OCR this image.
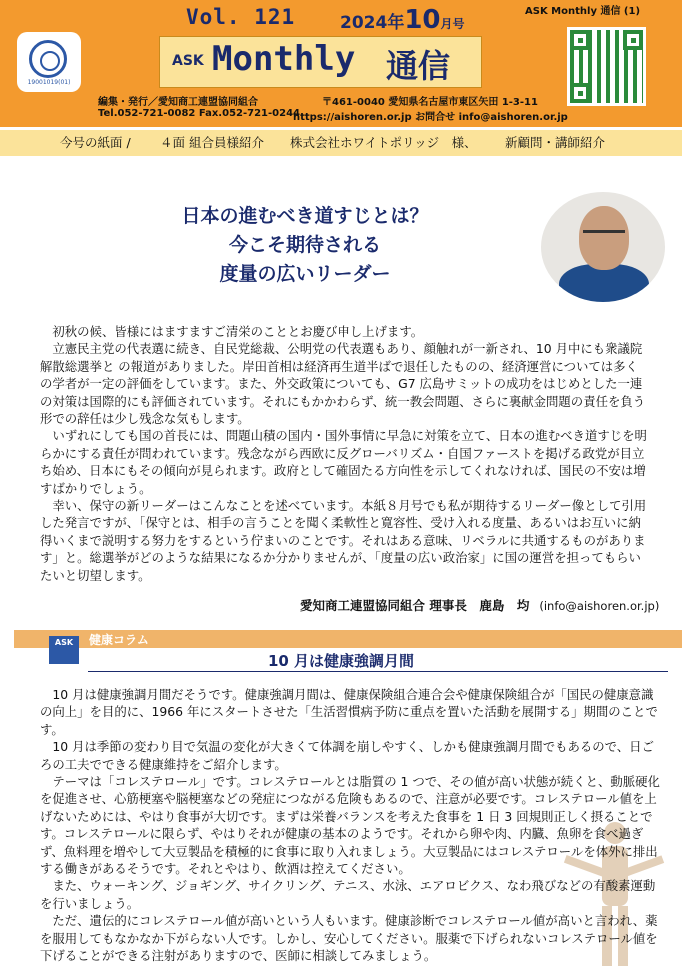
19001019(01)
Vol. 121	2024年10月号
ASK Monthly 通信
編集・発行／愛知商工連盟協同組合	〒461-0040 愛知県名古屋市東区矢田 1-3-11
Tel.052-721-0082 Fax.052-721-0244
https://aishoren.or.jp お問合せ info@aishoren.or.jp
ASK Monthly 通信 (1)
今号の紙面 / ４面 組合員様紹介 株式会社ホワイトポリッジ　様、 新顧問・講師紹介
日本の進むべき道すじとは？
今こそ期待される
度量の広いリーダー

初秋の候、皆様にはますますご清栄のこととお慶び申し上げます。

立憲民主党の代表選に続き、自民党総裁、公明党の代表選もあり、顔触れが一新され、10 月中にも衆議院解散総選挙と の報道がありました。岸田首相は経済再生道半ばで退任したものの、経済運営については多くの学者が一定の評価をしています。また、外交政策についても、G7 広島サミットの成功をはじめとした一連の対策は国際的にも評価されています。それにもかかわらず、統一教会問題、さらに裏献金問題の責任を負う形での辞任は少し残念な気もします。

いずれにしても国の首長には、問題山積の国内・国外事情に早急に対策を立て、日本の進むべき道すじを明らかにする責任が問われています。残念ながら西欧に反グローバリズム・自国ファーストを掲げる政党が目立ち始め、日本にもその傾向が見られます。政府として確固たる方向性を示してくれなければ、国民の不安は増すばかりでしょう。

幸い、保守の新リーダーはこんなことを述べています。本紙８月号でも私が期待するリーダー像として引用した発言ですが、「保守とは、相手の言うことを聞く柔軟性と寛容性、受け入れる度量、あるいはお互いに納得いくまで説明する努力をするという佇まいのことです。それはある意味、リベラルに共通するものがあります」と。総選挙がどのような結果になるか分かりませんが、「度量の広い政治家」に国の運営を担ってもらいたいと切望します。

愛知商工連盟協同組合 理事長　鹿島　均 (info@aishoren.or.jp)
ASK	健康コラム
10 月は健康強調月間

10 月は健康強調月間だそうです。健康強調月間は、健康保険組合連合会や健康保険組合が「国民の健康意識の向上」を目的に、1966 年にスタートさせた「生活習慣病予防に重点を置いた活動を展開する」期間のことです。

10 月は季節の変わり目で気温の変化が大きくて体調を崩しやすく、しかも健康強調月間でもあるので、日ごろの工夫でできる健康維持をご紹介します。

テーマは「コレステロール」です。コレステロールとは脂質の 1 つで、その値が高い状態が続くと、動脈硬化を促進させ、心筋梗塞や脳梗塞などの発症につながる危険もあるので、注意が必要です。コレステロール値を上げないためには、やはり食事が大切です。まずは栄養バランスを考えた食事を 1 日 3 回規則正しく摂ることです。コレステロールに限らず、やはりそれが健康の基本のようです。それから卵や肉、内臓、魚卵を食べ過ぎず、魚料理を増やして大豆製品を積極的に食事に取り入れましょう。大豆製品にはコレステロールを体外に排出する働きがあるそうです。それとやはり、飲酒は控えてください。

また、ウォーキング、ジョギング、サイクリング、テニス、水泳、エアロビクス、なわ飛びなどの有酸素運動を行いましょう。

ただ、遺伝的にコレステロール値が高いという人もいます。健康診断でコレステロール値が高いと言われ、薬を服用してもなかなか下がらない人です。しかし、安心してください。服薬で下げられないコレステロール値を下げることができる注射がありますので、医師に相談してみましょう。
